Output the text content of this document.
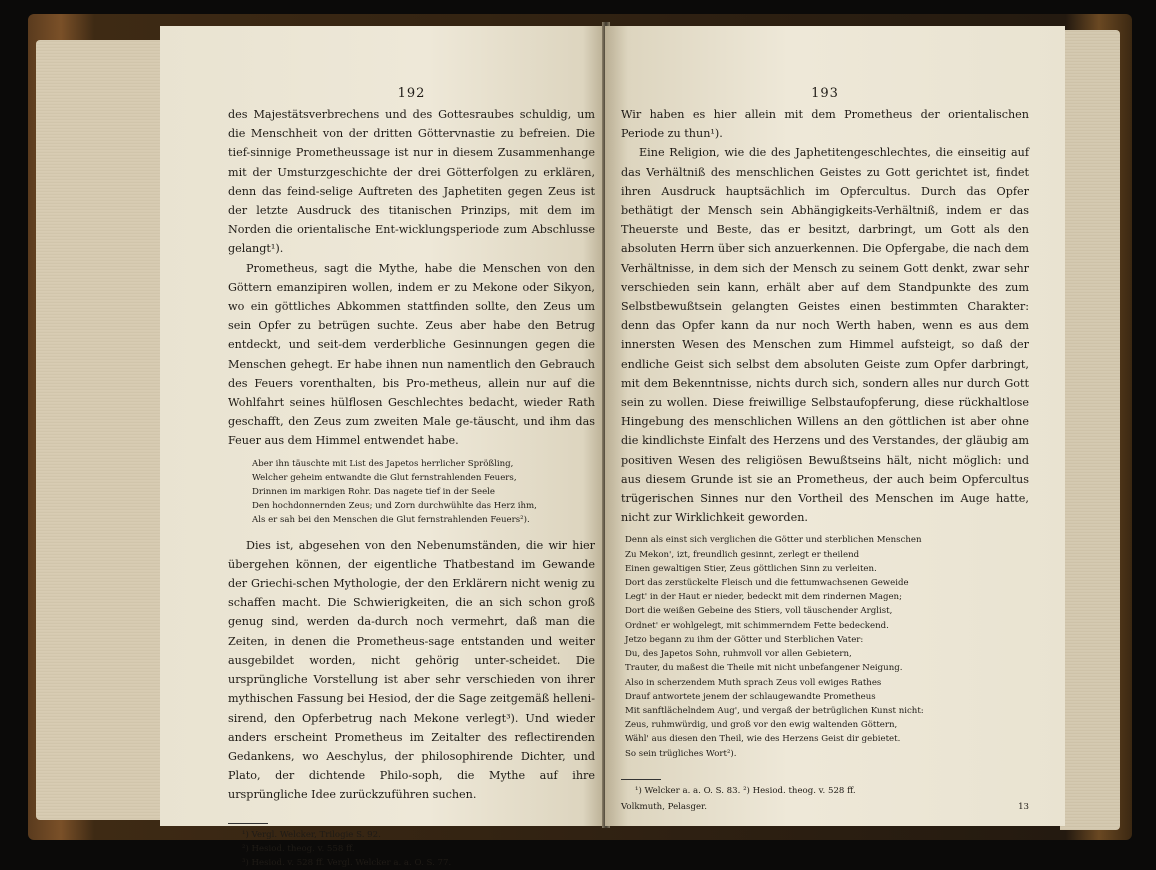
192

des Majestätsverbrechens und des Gottesraubes schuldig, um die Menschheit von der dritten Göttervnastie zu befreien. Die tief-sinnige Prometheussage ist nur in diesem Zusammenhange mit der Umsturzgeschichte der drei Götterfolgen zu erklären, denn das feind-selige Auftreten des Japhetiten gegen Zeus ist der letzte Ausdruck des titanischen Prinzips, mit dem im Norden die orientalische Ent-wicklungsperiode zum Abschlusse gelangt¹).

Prometheus, sagt die Mythe, habe die Menschen von den Göttern emanzipiren wollen, indem er zu Mekone oder Sikyon, wo ein göttliches Abkommen stattfinden sollte, den Zeus um sein Opfer zu betrügen suchte. Zeus aber habe den Betrug entdeckt, und seit-dem verderbliche Gesinnungen gegen die Menschen gehegt. Er habe ihnen nun namentlich den Gebrauch des Feuers vorenthalten, bis Pro-metheus, allein nur auf die Wohlfahrt seines hülflosen Geschlechtes bedacht, wieder Rath geschafft, den Zeus zum zweiten Male ge-täuscht, und ihm das Feuer aus dem Himmel entwendet habe.

Aber ihn täuschte mit List des Japetos herrlicher Sprößling,
Welcher geheim entwandte die Glut fernstrahlenden Feuers,
Drinnen im markigen Rohr. Das nagete tief in der Seele
Den hochdonnernden Zeus; und Zorn durchwühlte das Herz ihm,
Als er sah bei den Menschen die Glut fernstrahlenden Feuers²).

Dies ist, abgesehen von den Nebenumständen, die wir hier übergehen können, der eigentliche Thatbestand im Gewande der Griechi-schen Mythologie, der den Erklärern nicht wenig zu schaffen macht. Die Schwierigkeiten, die an sich schon groß genug sind, werden da-durch noch vermehrt, daß man die Zeiten, in denen die Prometheus-sage entstanden und weiter ausgebildet worden, nicht gehörig unter-scheidet. Die ursprüngliche Vorstellung ist aber sehr verschieden von ihrer mythischen Fassung bei Hesiod, der die Sage zeitgemäß helleni-sirend, den Opferbetrug nach Mekone verlegt³). Und wieder anders erscheint Prometheus im Zeitalter des reflectirenden Gedankens, wo Aeschylus, der philosophirende Dichter, und Plato, der dichtende Philo-soph, die Mythe auf ihre ursprüngliche Idee zurückzuführen suchen.

¹) Vergl. Welcker, Trilogie S. 92.
²) Hesiod. theog. v. 558 ff.
³) Hesiod. v. 528 ff. Vergl. Welcker a. a. O. S. 77.
193

Wir haben es hier allein mit dem Prometheus der orientalischen Periode zu thun¹).

Eine Religion, wie die des Japhetitengeschlechtes, die einseitig auf das Verhältniß des menschlichen Geistes zu Gott gerichtet ist, findet ihren Ausdruck hauptsächlich im Opfercultus. Durch das Opfer bethätigt der Mensch sein Abhängigkeits-Verhältniß, indem er das Theuerste und Beste, das er besitzt, darbringt, um Gott als den absoluten Herrn über sich anzuerkennen. Die Opfergabe, die nach dem Verhältnisse, in dem sich der Mensch zu seinem Gott denkt, zwar sehr verschieden sein kann, erhält aber auf dem Standpunkte des zum Selbstbewußtsein gelangten Geistes einen bestimmten Charakter: denn das Opfer kann da nur noch Werth haben, wenn es aus dem innersten Wesen des Menschen zum Himmel aufsteigt, so daß der endliche Geist sich selbst dem absoluten Geiste zum Opfer darbringt, mit dem Bekenntnisse, nichts durch sich, sondern alles nur durch Gott sein zu wollen. Diese freiwillige Selbstaufopferung, diese rückhaltlose Hingebung des menschlichen Willens an den göttlichen ist aber ohne die kindlichste Einfalt des Herzens und des Verstandes, der gläubig am positiven Wesen des religiösen Bewußtseins hält, nicht möglich: und aus diesem Grunde ist sie an Prometheus, der auch beim Opfercultus trügerischen Sinnes nur den Vortheil des Menschen im Auge hatte, nicht zur Wirklichkeit geworden.

Denn als einst sich verglichen die Götter und sterblichen Menschen
Zu Mekon', izt, freundlich gesinnt, zerlegt er theilend
Einen gewaltigen Stier, Zeus göttlichen Sinn zu verleiten.
Dort das zerstückelte Fleisch und die fettumwachsenen Geweide
Legt' in der Haut er nieder, bedeckt mit dem rindernen Magen;
Dort die weißen Gebeine des Stiers, voll täuschender Arglist,
Ordnet' er wohlgelegt, mit schimmerndem Fette bedeckend.
Jetzo begann zu ihm der Götter und Sterblichen Vater:
Du, des Japetos Sohn, ruhmvoll vor allen Gebietern,
Trauter, du maßest die Theile mit nicht unbefangener Neigung.
Also in scherzendem Muth sprach Zeus voll ewiges Rathes
Drauf antwortete jenem der schlaugewandte Prometheus
Mit sanftlächelndem Aug', und vergaß der betrüglichen Kunst nicht:
Zeus, ruhmwürdig, und groß vor den ewig waltenden Göttern,
Wähl' aus diesen den Theil, wie des Herzens Geist dir gebietet.
So sein trügliches Wort²).
¹) Welcker a. a. O. S. 83. ²) Hesiod. theog. v. 528 ff.
Volkmuth, Pelasger.	13
